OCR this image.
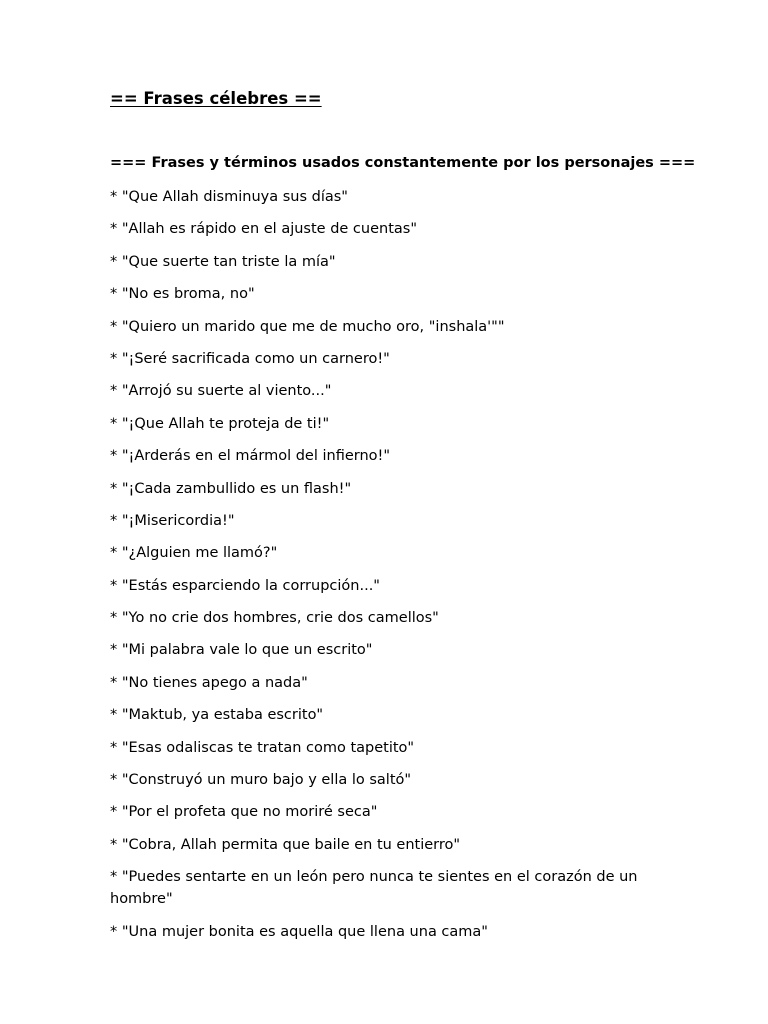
== Frases célebres ==
=== Frases y términos usados constantemente por los personajes ===
* "Que Allah disminuya sus días"
* "Allah es rápido en el ajuste de cuentas"
* "Que suerte tan triste la mía"
* "No es broma, no"
* "Quiero un marido que me de mucho oro, "inshala'""
* "¡Seré sacrificada como un carnero!"
* "Arrojó su suerte al viento..."
* "¡Que Allah te proteja de ti!"
* "¡Arderás en el mármol del infierno!"
* "¡Cada zambullido es un flash!"
* "¡Misericordia!"
* "¿Alguien me llamó?"
* "Estás esparciendo la corrupción..."
* "Yo no crie dos hombres, crie dos camellos"
* "Mi palabra vale lo que un escrito"
* "No tienes apego a nada"
* "Maktub, ya estaba escrito"
* "Esas odaliscas te tratan como tapetito"
* "Construyó un muro bajo y ella lo saltó"
* "Por el profeta que no moriré seca"
* "Cobra, Allah permita que baile en tu entierro"
* "Puedes sentarte en un león pero nunca te sientes en el corazón de un hombre"
* "Una mujer bonita es aquella que llena una cama"
